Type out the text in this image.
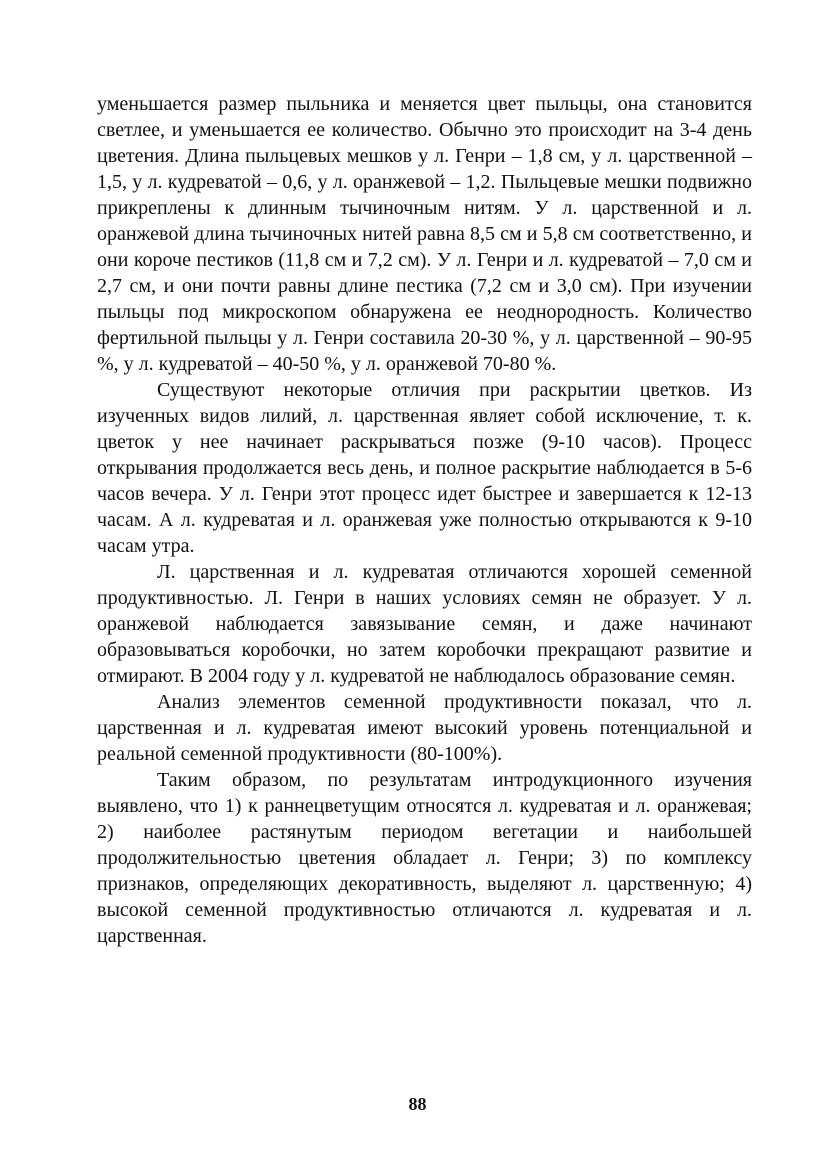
уменьшается размер пыльника и меняется цвет пыльцы, она становится светлее, и уменьшается ее количество. Обычно это происходит на 3-4 день цветения. Длина пыльцевых мешков у л. Генри – 1,8 см, у л. царственной – 1,5, у л. кудреватой – 0,6, у л. оранжевой – 1,2. Пыльцевые мешки подвижно прикреплены к длинным тычиночным нитям. У л. царственной и л. оранжевой длина тычиночных нитей равна 8,5 см и 5,8 см соответственно, и они короче пестиков (11,8 см и 7,2 см). У л. Генри и л. кудреватой – 7,0 см и 2,7 см, и они почти равны длине пестика (7,2 см и 3,0 см). При изучении пыльцы под микроскопом обнаружена ее неоднородность. Количество фертильной пыльцы у л. Генри составила 20-30 %, у л. царственной – 90-95 %, у л. кудреватой – 40-50 %, у л. оранжевой 70-80 %.

Существуют некоторые отличия при раскрытии цветков. Из изученных видов лилий, л. царственная являет собой исключение, т. к. цветок у нее начинает раскрываться позже (9-10 часов). Процесс открывания продолжается весь день, и полное раскрытие наблюдается в 5-6 часов вечера. У л. Генри этот процесс идет быстрее и завершается к 12-13 часам. А л. кудреватая и л. оранжевая уже полностью открываются к 9-10 часам утра.

Л. царственная и л. кудреватая отличаются хорошей семенной продуктивностью. Л. Генри в наших условиях семян не образует. У л. оранжевой наблюдается завязывание семян, и даже начинают образовываться коробочки, но затем коробочки прекращают развитие и отмирают. В 2004 году у л. кудреватой не наблюдалось образование семян.

Анализ элементов семенной продуктивности показал, что л. царственная и л. кудреватая имеют высокий уровень потенциальной и реальной семенной продуктивности (80-100%).

Таким образом, по результатам интродукционного изучения выявлено, что 1) к раннецветущим относятся л. кудреватая и л. оранжевая; 2) наиболее растянутым периодом вегетации и наибольшей продолжительностью цветения обладает л. Генри; 3) по комплексу признаков, определяющих декоративность, выделяют л. царственную; 4) высокой семенной продуктивностью отличаются л. кудреватая и л. царственная.

88
